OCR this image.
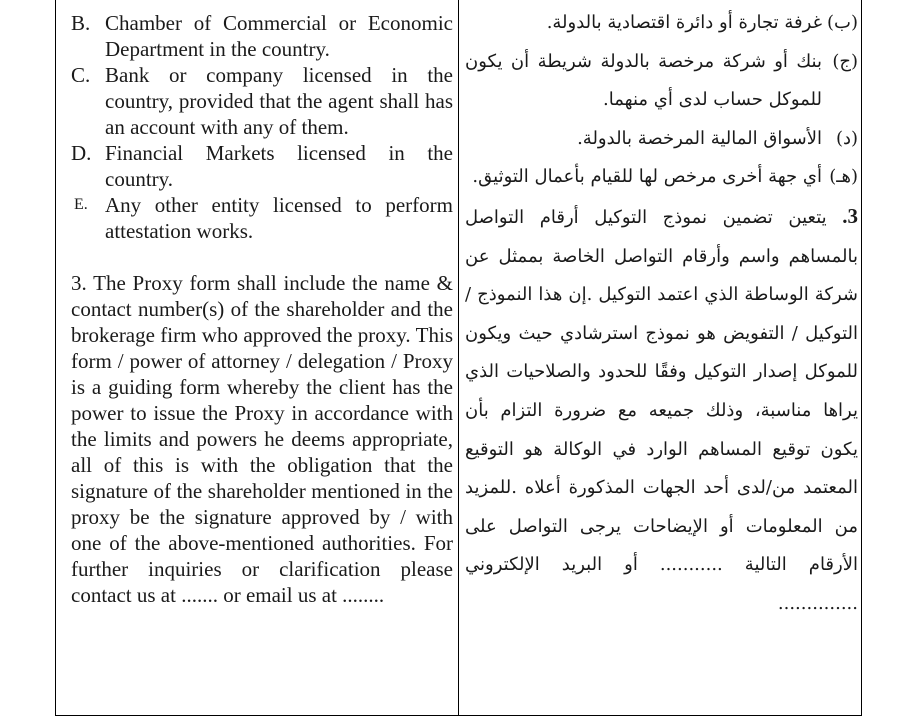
B. Chamber of Commercial or Economic Department in the country.
C. Bank or company licensed in the country, provided that the agent shall has an account with any of them.
D. Financial Markets licensed in the country.
E. Any other entity licensed to perform attestation works.
3. The Proxy form shall include the name & contact number(s) of the shareholder and the brokerage firm who approved the proxy. This form / power of attorney / delegation / Proxy is a guiding form whereby the client has the power to issue the Proxy in accordance with the limits and powers he deems appropriate, all of this is with the obligation that the signature of the shareholder mentioned in the proxy be the signature approved by / with one of the above-mentioned authorities. For further inquiries or clarification please contact us at ....... or email us at ........
(ب)
غرفة تجارة أو دائرة اقتصادية بالدولة.
(ج)
بنك أو شركة مرخصة بالدولة شريطة أن يكون للموكل حساب لدى أي منهما.
(د)
الأسواق المالية المرخصة بالدولة.
(هـ)
أي جهة أخرى مرخص لها للقيام بأعمال التوثيق.
3. يتعين تضمين نموذج التوكيل أرقام التواصل بالمساهم واسم وأرقام التواصل الخاصة بممثل عن شركة الوساطة الذي اعتمد التوكيل .إن هذا النموذج / التوكيل / التفويض هو نموذج استرشادي حيث ويكون للموكل إصدار التوكيل وفقًا للحدود والصلاحيات الذي يراها مناسبة، وذلك جميعه مع ضرورة التزام بأن يكون توقيع المساهم الوارد في الوكالة هو التوقيع المعتمد من/لدى أحد الجهات المذكورة أعلاه .للمزيد من المعلومات أو الإيضاحات يرجى التواصل على الأرقام التالية ........... أو البريد الإلكتروني ..............
